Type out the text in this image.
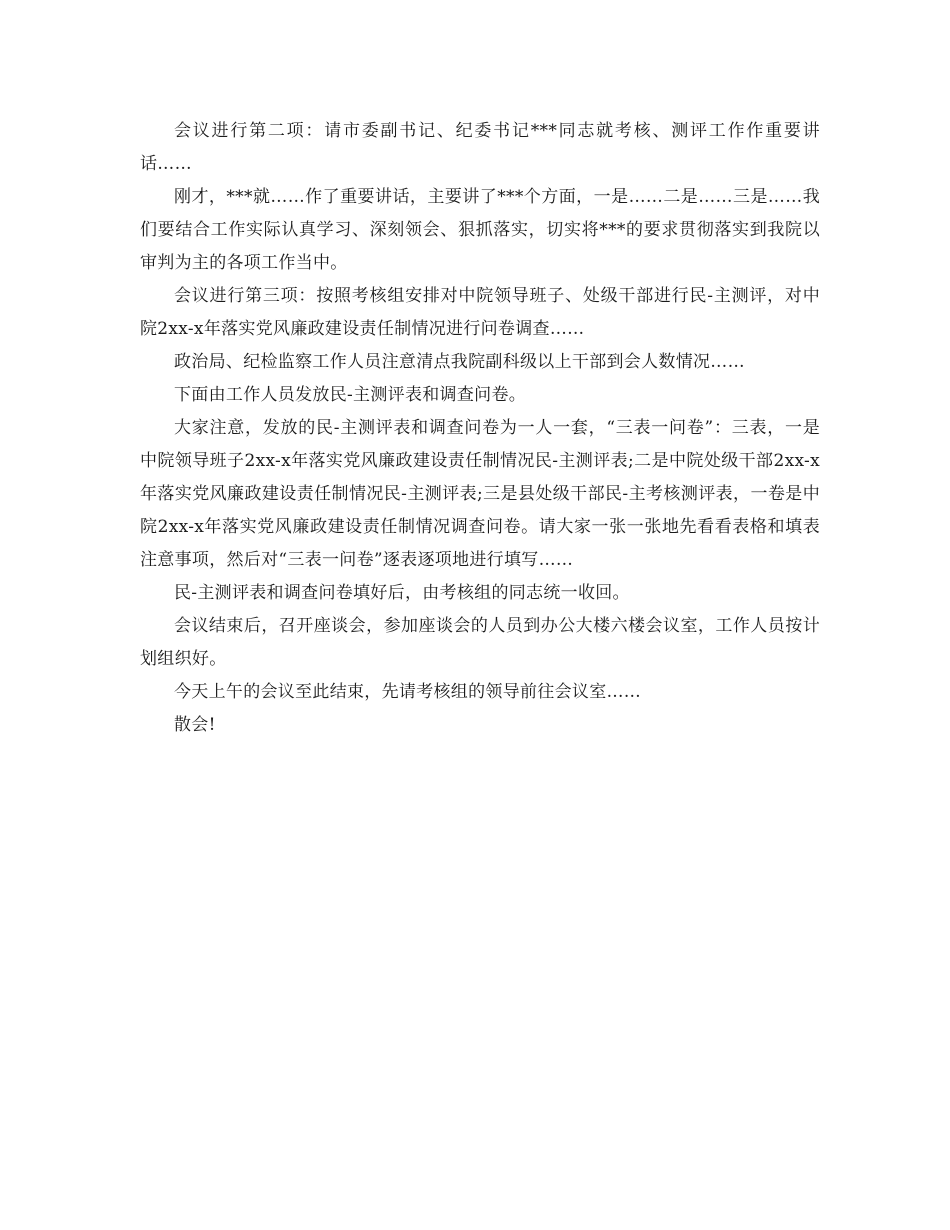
会议进行第二项：请市委副书记、纪委书记***同志就考核、测评工作作重要讲话……

刚才，***就……作了重要讲话，主要讲了***个方面，一是……二是……三是……我们要结合工作实际认真学习、深刻领会、狠抓落实，切实将***的要求贯彻落实到我院以审判为主的各项工作当中。

会议进行第三项：按照考核组安排对中院领导班子、处级干部进行民-主测评，对中院2xx-x年落实党风廉政建设责任制情况进行问卷调查……

政治局、纪检监察工作人员注意清点我院副科级以上干部到会人数情况……

下面由工作人员发放民-主测评表和调查问卷。

大家注意，发放的民-主测评表和调查问卷为一人一套，“三表一问卷”：三表，一是中院领导班子2xx-x年落实党风廉政建设责任制情况民-主测评表;二是中院处级干部2xx-x年落实党风廉政建设责任制情况民-主测评表;三是县处级干部民-主考核测评表，一卷是中院2xx-x年落实党风廉政建设责任制情况调查问卷。请大家一张一张地先看看表格和填表注意事项，然后对“三表一问卷”逐表逐项地进行填写……

民-主测评表和调查问卷填好后，由考核组的同志统一收回。

会议结束后，召开座谈会，参加座谈会的人员到办公大楼六楼会议室，工作人员按计划组织好。

今天上午的会议至此结束，先请考核组的领导前往会议室……

散会!
